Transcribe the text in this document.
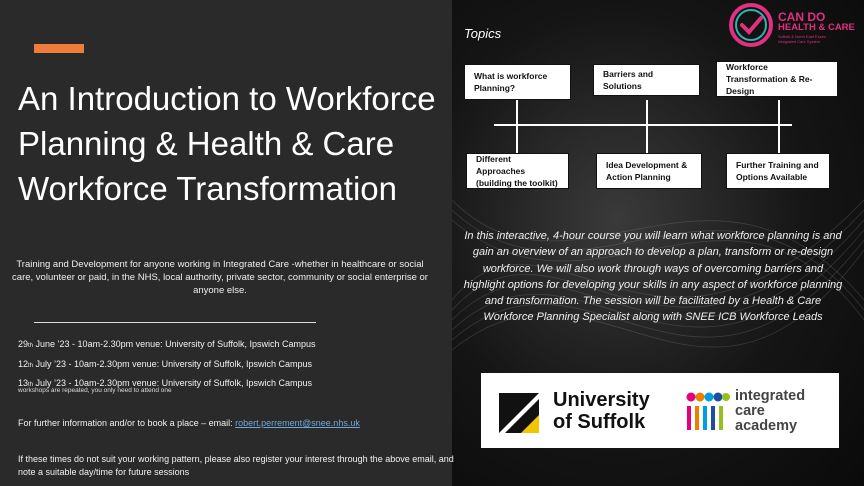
An Introduction to Workforce Planning & Health & Care Workforce Transformation
Training and Development for anyone working in Integrated Care -whether in healthcare or social care, volunteer or paid, in the NHS, local authority, private sector, community or social enterprise or anyone else.
29th June ’23 - 10am-2.30pm venue: University of Suffolk, Ipswich Campus
12th July ’23 - 10am-2.30pm venue: University of Suffolk, Ipswich Campus
13th July ’23 - 10am-2.30pm venue: University of Suffolk, Ipswich Campus
workshops are repeated, you only need to attend one
For further information and/or to book a place – email: robert.perrement@snee.nhs.uk
If these times do not suit your working pattern, please also register your interest through the above email, and note a suitable day/time for future sessions
Topics
What is workforce Planning?
Barriers and Solutions
Workforce Transformation & Re-Design
Different Approaches (building the toolkit)
Idea Development & Action Planning
Further Training and Options Available
In this interactive, 4-hour course you will learn what workforce planning is and gain an overview of an approach to develop a plan, transform or re-design workforce. We will also work through ways of overcoming barriers and highlight options for developing your skills in any aspect of workforce planning and transformation. The session will be facilitated by a Health & Care Workforce Planning Specialist along with SNEE ICB Workforce Leads
University
of Suffolk
integrated
care
academy
CAN DO
HEALTH & CARE
Suffolk & North East Essex
Integrated Care System
